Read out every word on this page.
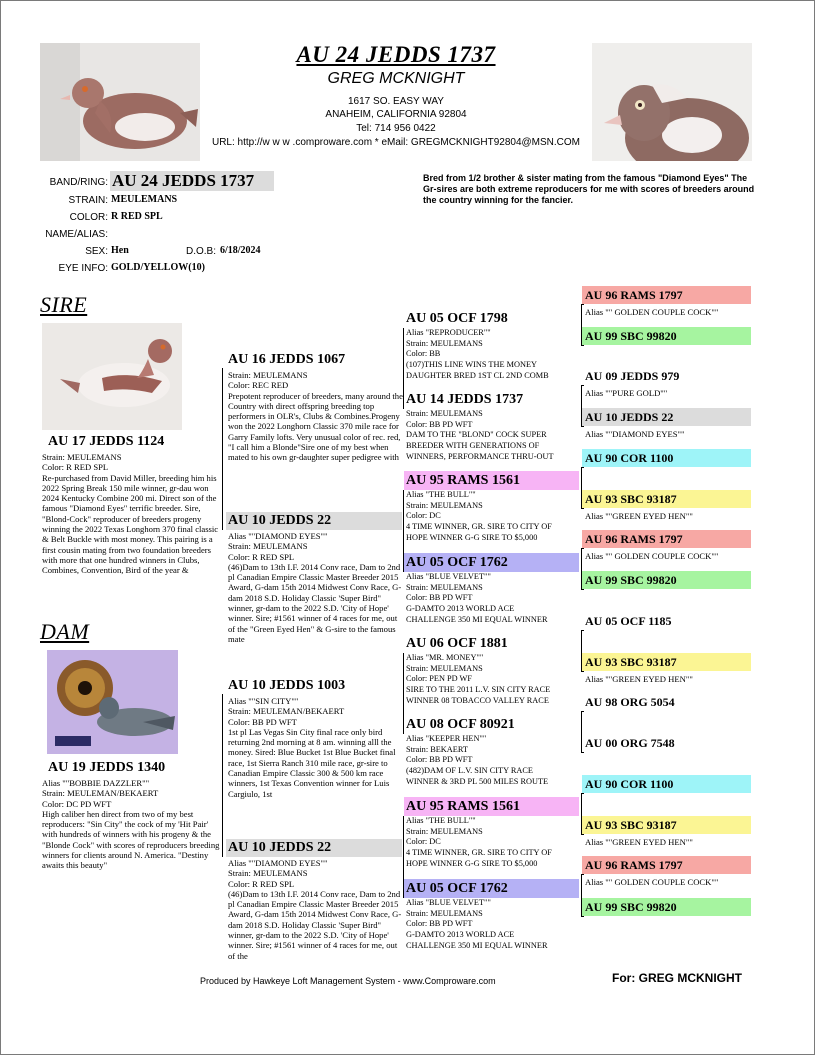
AU 24 JEDDS 1737
GREG MCKNIGHT
1617 SO. EASY WAY
ANAHEIM, CALIFORNIA 92804
Tel: 714 956 0422
URL: http://w w w .comproware.com * eMail: GREGMCKNIGHT92804@MSN.COM
BAND/RING: AU 24 JEDDS 1737
STRAIN: MEULEMANS
COLOR: R RED SPL
NAME/ALIAS:
SEX: Hen	D.O.B: 6/18/2024
EYE INFO: GOLD/YELLOW(10)
Bred from 1/2 brother & sister mating from the famous "Diamond Eyes" The Gr-sires are both extreme reproducers for me with scores of breeders around the country winning for the fancier.
SIRE
AU 17 JEDDS 1124
Strain: MEULEMANS
Color: R RED SPL
Re-purchased from David Miller, breeding him his 2022 Spring Break 150 mile winner, gr-dau won 2024 Kentucky Combine 200 mi. Direct son of the famous "Diamond Eyes" terrific breeder. Sire, "Blond-Cock" reproducer of breeders progeny winning the 2022 Texas Longhorn 370 final classic & Belt Buckle with most money. This pairing is a first cousin mating from two foundation breeders with more that one hundred winners in Clubs, Combines, Convention, Bird of the year &
DAM
AU 19 JEDDS 1340
Alias ""BOBBIE DAZZLER""
Strain: MEULEMAN/BEKAERT
Color: DC PD WFT
High caliber hen direct from two of my best reproducers: "Sin City" the cock of my 'Hit Pair' with hundreds of winners with his progeny & the "Blonde Cock" with scores of reproducers breeding winners for clients around N. America. "Destiny awaits this beauty"
AU 16 JEDDS 1067
Strain: MEULEMANS
Color: REC RED
Prepotent reproducer of breeders, many around the Country with direct offspring breeding top performers in OLR's, Clubs & Combines.Progeny won the 2022 Longhorn Classic 370 mile race for Garry Family lofts. Very unusual color of rec. red, "I call him a Blonde"Sire one of my best when mated to his own gr-daughter super pedigree with
AU 10 JEDDS 22
Alias ""DIAMOND EYES""
Strain: MEULEMANS
Color: R RED SPL
(46)Dam to 13th I.F. 2014 Conv race, Dam to 2nd pl Canadian Empire Classic Master Breeder 2015 Award, G-dam 15th 2014 Midwest Conv Race, G-dam 2018 S.D. Holiday Classic 'Super Bird" winner, gr-dam to the 2022 S.D. 'City of Hope' winner. Sire; #1561 winner of 4 races for me, out of the "Green Eyed Hen" & G-sire to the famous mate
AU 10 JEDDS 1003
Alias ""SIN CITY""
Strain: MEULEMAN/BEKAERT
Color: BB PD WFT
1st pl Las Vegas Sin City final race only bird returning 2nd morning at 8 am. winning alll the money. Sired: Blue Bucket 1st Blue Bucket final race, 1st Sierra Ranch 310 mile race, gr-sire to Canadian Empire Classic 300 & 500 km race winners, 1st Texas Convention winner for Luis Cargiulo, 1st
AU 10 JEDDS 22
Alias ""DIAMOND EYES""
Strain: MEULEMANS
Color: R RED SPL
(46)Dam to 13th I.F. 2014 Conv race, Dam to 2nd pl Canadian Empire Classic Master Breeder 2015 Award, G-dam 15th 2014 Midwest Conv Race, G-dam 2018 S.D. Holiday Classic 'Super Bird" winner, gr-dam to the 2022 S.D. 'City of Hope' winner. Sire; #1561 winner of 4 races for me, out of the
AU 05 OCF 1798
Alias "REPRODUCER""
Strain: MEULEMANS
Color: BB
(107)THIS LINE WINS THE MONEY
DAUGHTER BRED 1ST CL 2ND COMB
AU 14 JEDDS 1737
Strain: MEULEMANS
Color: BB PD WFT
DAM TO THE "BLOND" COCK SUPER
BREEDER WITH GENERATIONS OF
WINNERS, PERFORMANCE THRU-OUT
AU 95 RAMS 1561
Alias "THE BULL""
Strain: MEULEMANS
Color: DC
4 TIME WINNER, GR. SIRE TO CITY OF
HOPE WINNER G-G SIRE TO $5,000
AU 05 OCF 1762
Alias "BLUE VELVET""
Strain: MEULEMANS
Color: BB PD WFT
G-DAMTO 2013 WORLD ACE
CHALLENGE 350 MI EQUAL WINNER
AU 06 OCF 1881
Alias "MR. MONEY""
Strain: MEULEMANS
Color: PEN PD WF
SIRE TO THE 2011 L.V. SIN CITY RACE
WINNER 08 TOBACCO VALLEY RACE
AU 08 OCF 80921
Alias "KEEPER HEN""
Strain: BEKAERT
Color: BB PD WFT
(482)DAM OF L.V. SIN CITY RACE
WINNER & 3RD PL 500 MILES ROUTE
AU 95 RAMS 1561
Alias "THE BULL""
Strain: MEULEMANS
Color: DC
4 TIME WINNER, GR. SIRE TO CITY OF
HOPE WINNER G-G SIRE TO $5,000
AU 05 OCF 1762
Alias "BLUE VELVET""
Strain: MEULEMANS
Color: BB PD WFT
G-DAMTO 2013 WORLD ACE
CHALLENGE 350 MI EQUAL WINNER
AU 96 RAMS 1797
Alias "" GOLDEN COUPLE COCK""
AU 99 SBC 99820
AU 09 JEDDS 979
Alias ""PURE GOLD""
AU 10 JEDDS 22
Alias ""DIAMOND EYES""
AU 90 COR 1100
AU 93 SBC 93187
Alias ""GREEN EYED HEN""
AU 96 RAMS 1797
Alias "" GOLDEN COUPLE COCK""
AU 99 SBC 99820
AU 05 OCF 1185
AU 93 SBC 93187
Alias ""GREEN EYED HEN""
AU 98 ORG 5054
AU 00 ORG 7548
AU 90 COR 1100
AU 93 SBC 93187
Alias ""GREEN EYED HEN""
AU 96 RAMS 1797
Alias "" GOLDEN COUPLE COCK""
AU 99 SBC 99820
Produced by Hawkeye Loft Management System - www.Comproware.com	For: GREG MCKNIGHT
